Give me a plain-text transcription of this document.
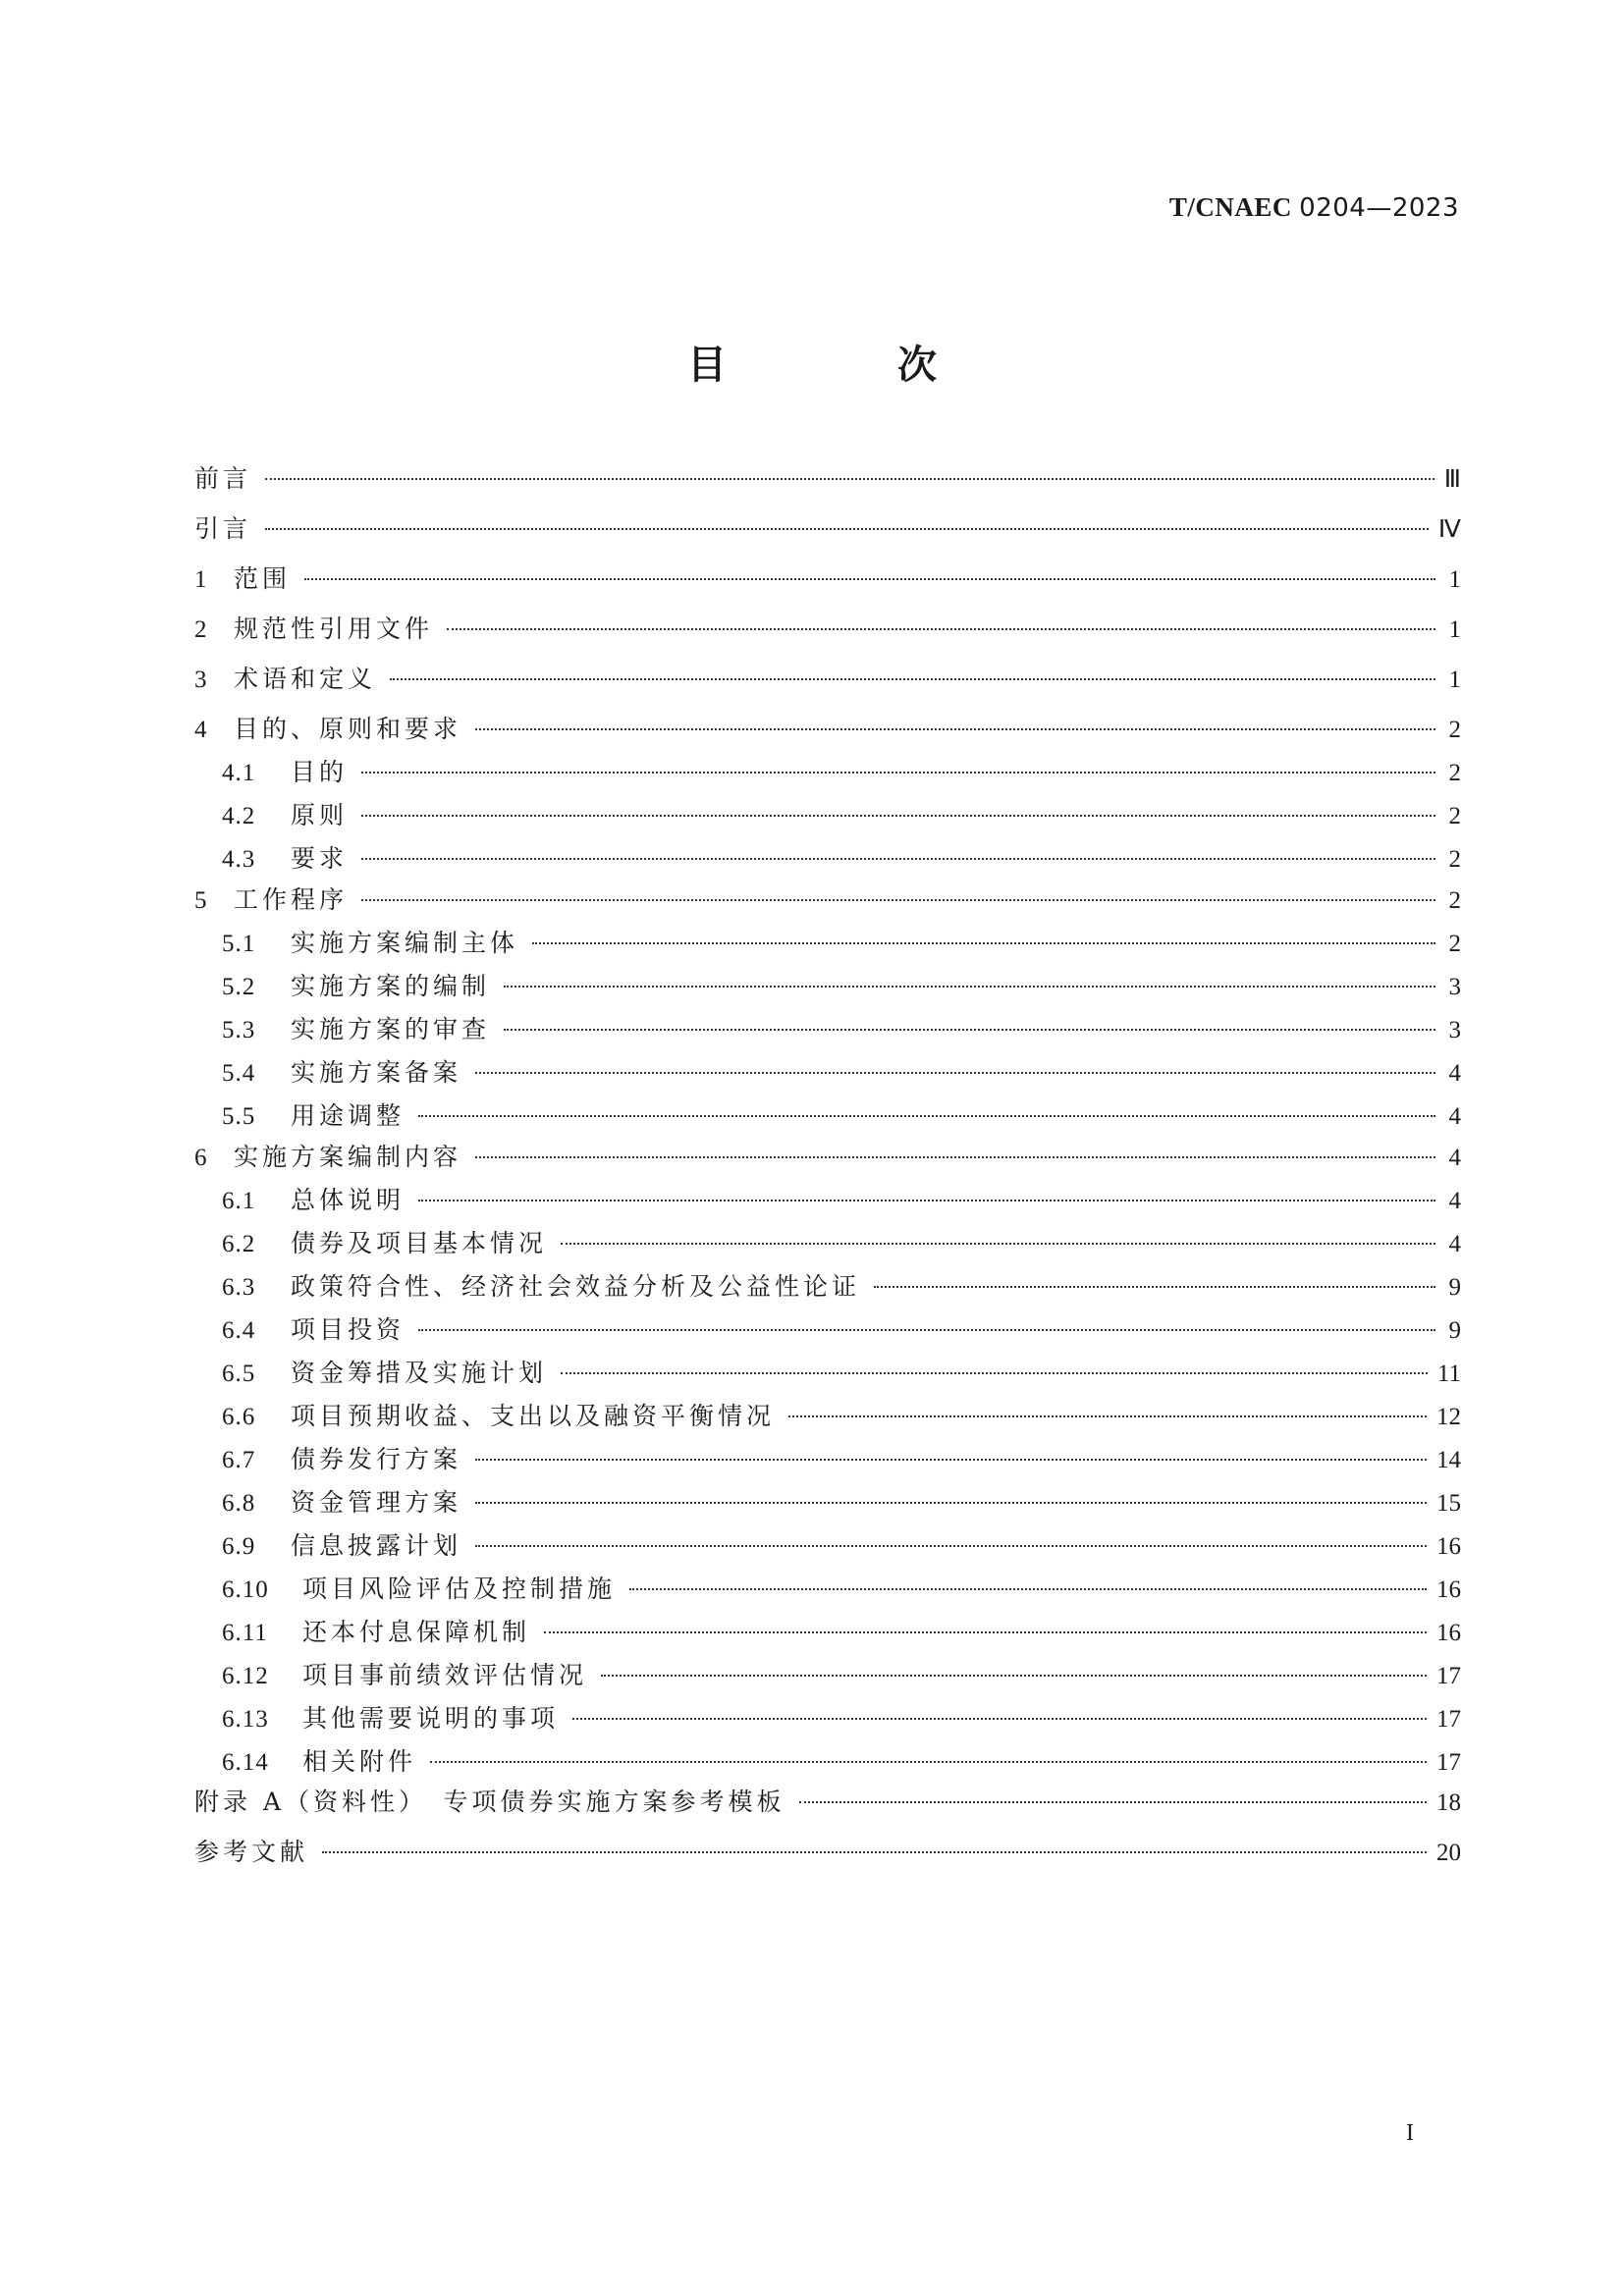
T/CNAEC 0204—2023
目 次
前言	Ⅲ
引言	Ⅳ
1 范围	1
2 规范性引用文件	1
3 术语和定义	1
4 目的、原则和要求	2
4.1 目的	2
4.2 原则	2
4.3 要求	2
5 工作程序	2
5.1 实施方案编制主体	2
5.2 实施方案的编制	3
5.3 实施方案的审查	3
5.4 实施方案备案	4
5.5 用途调整	4
6 实施方案编制内容	4
6.1 总体说明	4
6.2 债券及项目基本情况	4
6.3 政策符合性、经济社会效益分析及公益性论证	9
6.4 项目投资	9
6.5 资金筹措及实施计划	11
6.6 项目预期收益、支出以及融资平衡情况	12
6.7 债券发行方案	14
6.8 资金管理方案	15
6.9 信息披露计划	16
6.10 项目风险评估及控制措施	16
6.11 还本付息保障机制	16
6.12 项目事前绩效评估情况	17
6.13 其他需要说明的事项	17
6.14 相关附件	17
附录 A（资料性）　专项债券实施方案参考模板	18
参考文献	20
I
